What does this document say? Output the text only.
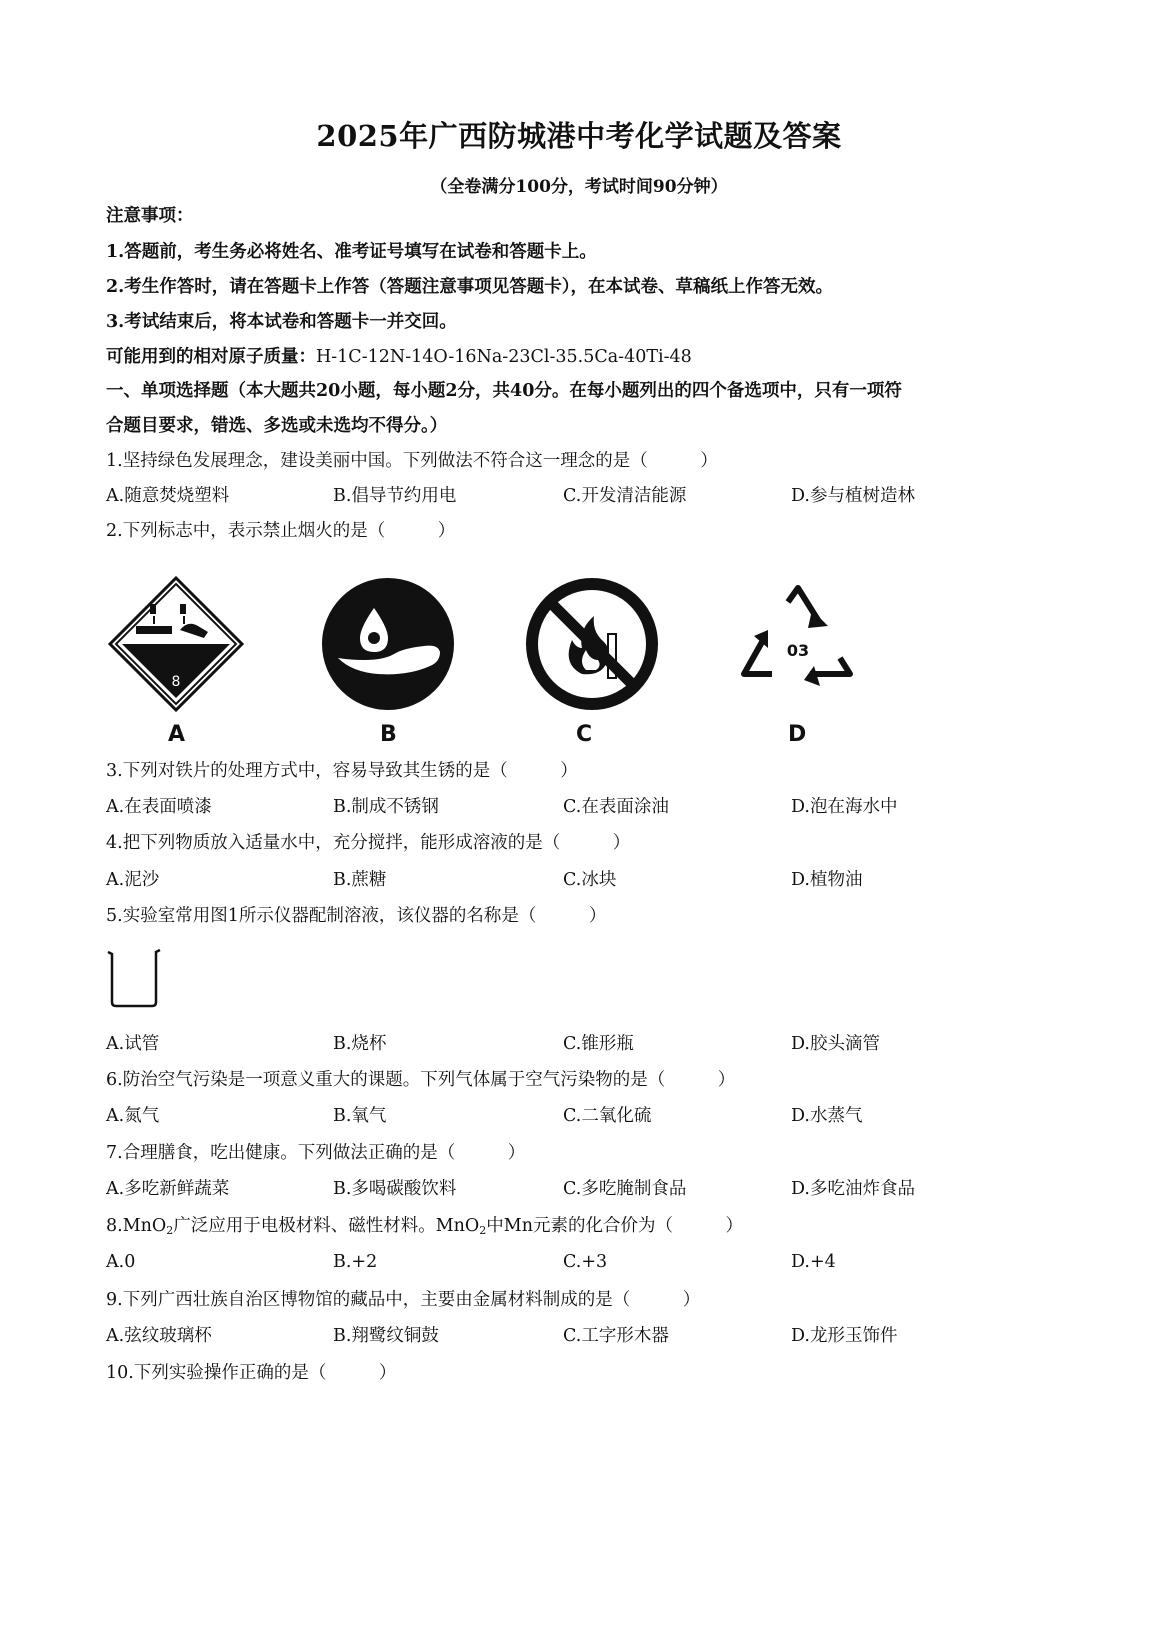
2025年广西防城港中考化学试题及答案
（全卷满分100分，考试时间90分钟）
注意事项：
1.答题前，考生务必将姓名、准考证号填写在试卷和答题卡上。
2.考生作答时，请在答题卡上作答（答题注意事项见答题卡），在本试卷、草稿纸上作答无效。
3.考试结束后，将本试卷和答题卡一并交回。
可能用到的相对原子质量：H-1C-12N-14O-16Na-23Cl-35.5Ca-40Ti-48
一、单项选择题（本大题共20小题，每小题2分，共40分。在每小题列出的四个备选项中，只有一项符
合题目要求，错选、多选或未选均不得分。）
1.坚持绿色发展理念，建设美丽中国。下列做法不符合这一理念的是（　　　）
A.随意焚烧塑料	B.倡导节约用电	C.开发清洁能源	D.参与植树造林
2.下列标志中，表示禁止烟火的是（　　　）
8
A	B	C
03
D
3.下列对铁片的处理方式中，容易导致其生锈的是（　　　）
A.在表面喷漆	B.制成不锈钢	C.在表面涂油	D.泡在海水中
4.把下列物质放入适量水中，充分搅拌，能形成溶液的是（　　　）
A.泥沙	B.蔗糖	C.冰块	D.植物油
5.实验室常用图1所示仪器配制溶液，该仪器的名称是（　　　）
A.试管	B.烧杯	C.锥形瓶	D.胶头滴管
6.防治空气污染是一项意义重大的课题。下列气体属于空气污染物的是（　　　）
A.氮气	B.氧气	C.二氧化硫	D.水蒸气
7.合理膳食，吃出健康。下列做法正确的是（　　　）
A.多吃新鲜蔬菜	B.多喝碳酸饮料	C.多吃腌制食品	D.多吃油炸食品
8.MnO$_2$广泛应用于电极材料、磁性材料。MnO$_2$中Mn元素的化合价为（　　　）
A.0	B.+2	C.+3	D.+4
9.下列广西壮族自治区博物馆的藏品中，主要由金属材料制成的是（　　　）
A.弦纹玻璃杯	B.翔鹭纹铜鼓	C.工字形木器	D.龙形玉饰件
10.下列实验操作正确的是（　　　）
